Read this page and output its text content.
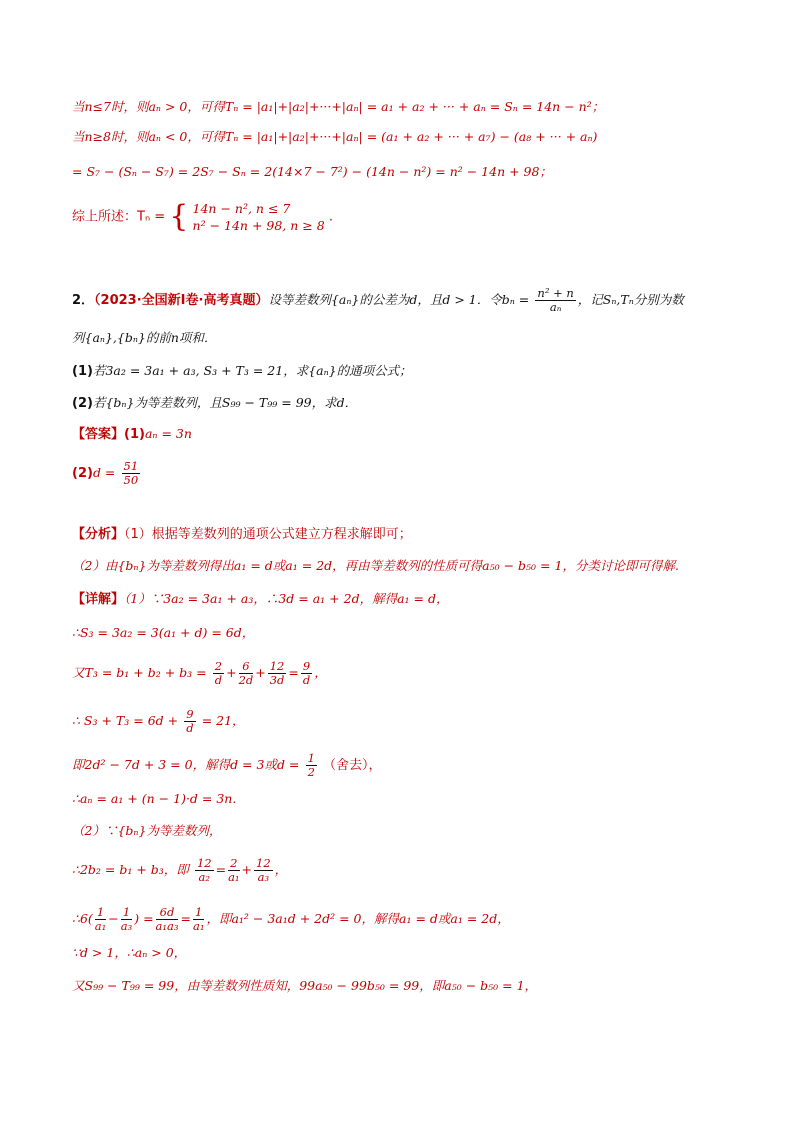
当n≤7时，则aₙ > 0，可得Tₙ = |a₁|+|a₂|+···+|aₙ| = a₁ + a₂ + ··· + aₙ = Sₙ = 14n − n²；
当n≥8时，则aₙ < 0，可得Tₙ = |a₁|+|a₂|+···+|aₙ| = (a₁ + a₂ + ··· + a₇) − (a₈ + ··· + aₙ)
= S₇ − (Sₙ − S₇) = 2S₇ − Sₙ = 2(14×7 − 7²) − (14n − n²) = n² − 14n + 98；
综上所述：Tₙ = { 14n − n², n ≤ 7
n² − 14n + 98, n ≥ 8
.
2．（2023·全国新Ⅰ卷·高考真题）设等差数列{aₙ}的公差为d，且d > 1．令$b_n = \frac{\text{n² + n}}{\text{aₙ}}$ ，记Sₙ,Tₙ分别为数
列{aₙ},{bₙ}的前n项和．
(1)若3a₂ = 3a₁ + a₃, S₃ + T₃ = 21，求{aₙ}的通项公式；
(2)若{bₙ}为等差数列，且S₉₉ − T₉₉ = 99，求d．
【答案】(1)aₙ = 3n
$(2)d = \frac{51}{50}$
【分析】（1）根据等差数列的通项公式建立方程求解即可；
（2）由{bₙ}为等差数列得出a₁ = d或a₁ = 2d，再由等差数列的性质可得a₅₀ − b₅₀ = 1，分类讨论即可得解.
【详解】（1）∵3a₂ = 3a₁ + a₃，∴3d = a₁ + 2d，解得a₁ = d，
∴S₃ = 3a₂ = 3(a₁ + d) = 6d，
又$T_3 = b_1 + b_2 + b_3 = \frac{2}{d} + \frac{6}{2d} + \frac{12}{3d} = \frac{9}{d}$ ，
∴ $S_3 + T_3 = 6d + \frac{9}{d} = 21$，
即2d² − 7d + 3 = 0，解得d = 3或$d = \frac{1}{2}$ （舍去），
∴aₙ = a₁ + (n − 1)·d = 3n.
（2）∵{bₙ}为等差数列，
∴2b₂ = b₁ + b₃，即 $\frac{12}{\text{a₂}} = \frac{2}{\text{a₁}} + \frac{12}{\text{a₃}}$ ，
∴6( $\frac{1}{\text{a₁}} - \frac{1}{\text{a₃}}$ ) = $\frac{6d}{\text{a₁a₃}} = \frac{1}{\text{a₁}}$ ，即a₁² − 3a₁d + 2d² = 0，解得a₁ = d或a₁ = 2d，
∵d > 1，∴aₙ > 0，
又S₉₉ − T₉₉ = 99，由等差数列性质知，99a₅₀ − 99b₅₀ = 99，即a₅₀ − b₅₀ = 1，
